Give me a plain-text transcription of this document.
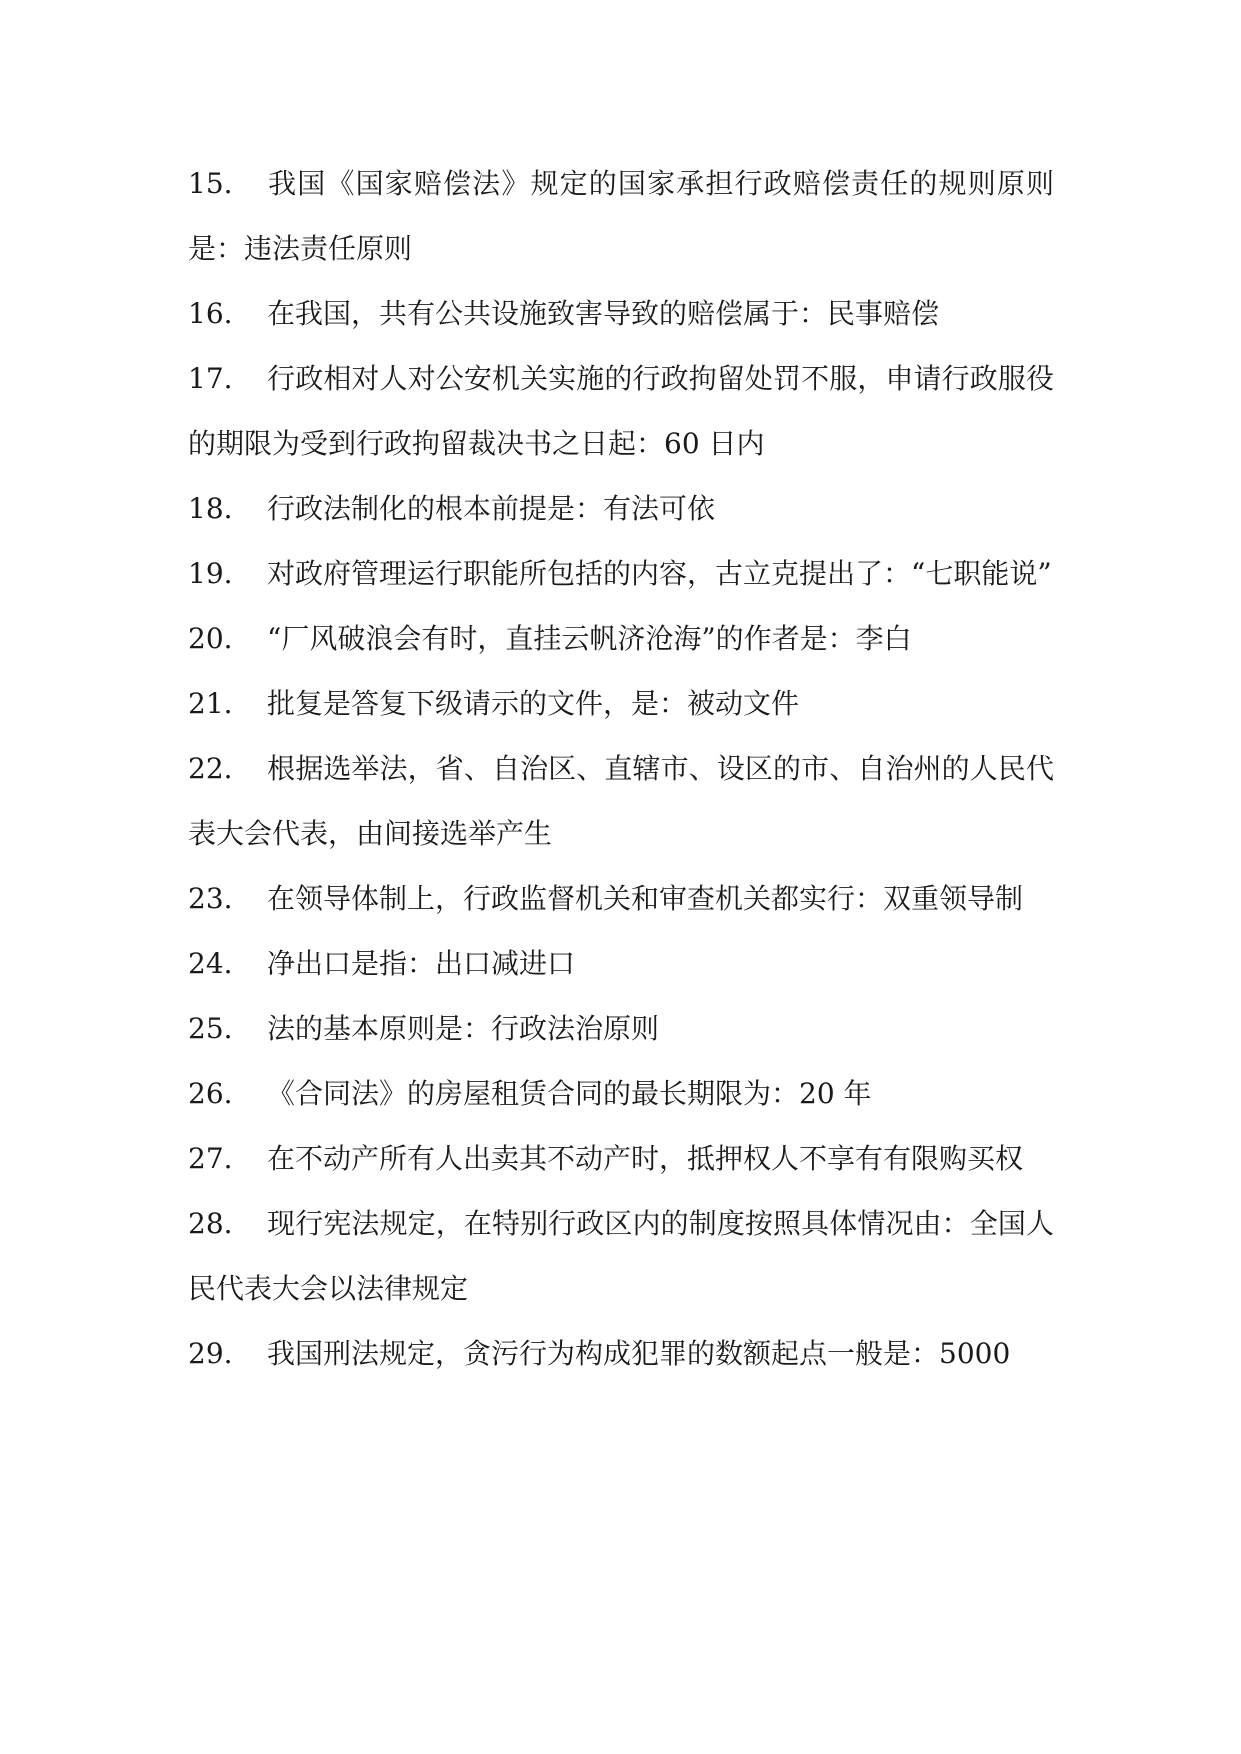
15. 我国《国家赔偿法》规定的国家承担行政赔偿责任的规则原则是：违法责任原则

16. 在我国，共有公共设施致害导致的赔偿属于：民事赔偿

17. 行政相对人对公安机关实施的行政拘留处罚不服，申请行政服役的期限为受到行政拘留裁决书之日起：60 日内

18. 行政法制化的根本前提是：有法可依

19. 对政府管理运行职能所包括的内容，古立克提出了：“七职能说”

20. “厂风破浪会有时，直挂云帆济沧海”的作者是：李白

21. 批复是答复下级请示的文件，是：被动文件

22. 根据选举法，省、自治区、直辖市、设区的市、自治州的人民代表大会代表，由间接选举产生

23. 在领导体制上，行政监督机关和审查机关都实行：双重领导制

24. 净出口是指：出口减进口

25. 法的基本原则是：行政法治原则

26. 《合同法》的房屋租赁合同的最长期限为：20 年

27. 在不动产所有人出卖其不动产时，抵押权人不享有有限购买权

28. 现行宪法规定，在特别行政区内的制度按照具体情况由：全国人民代表大会以法律规定

29. 我国刑法规定，贪污行为构成犯罪的数额起点一般是：5000
